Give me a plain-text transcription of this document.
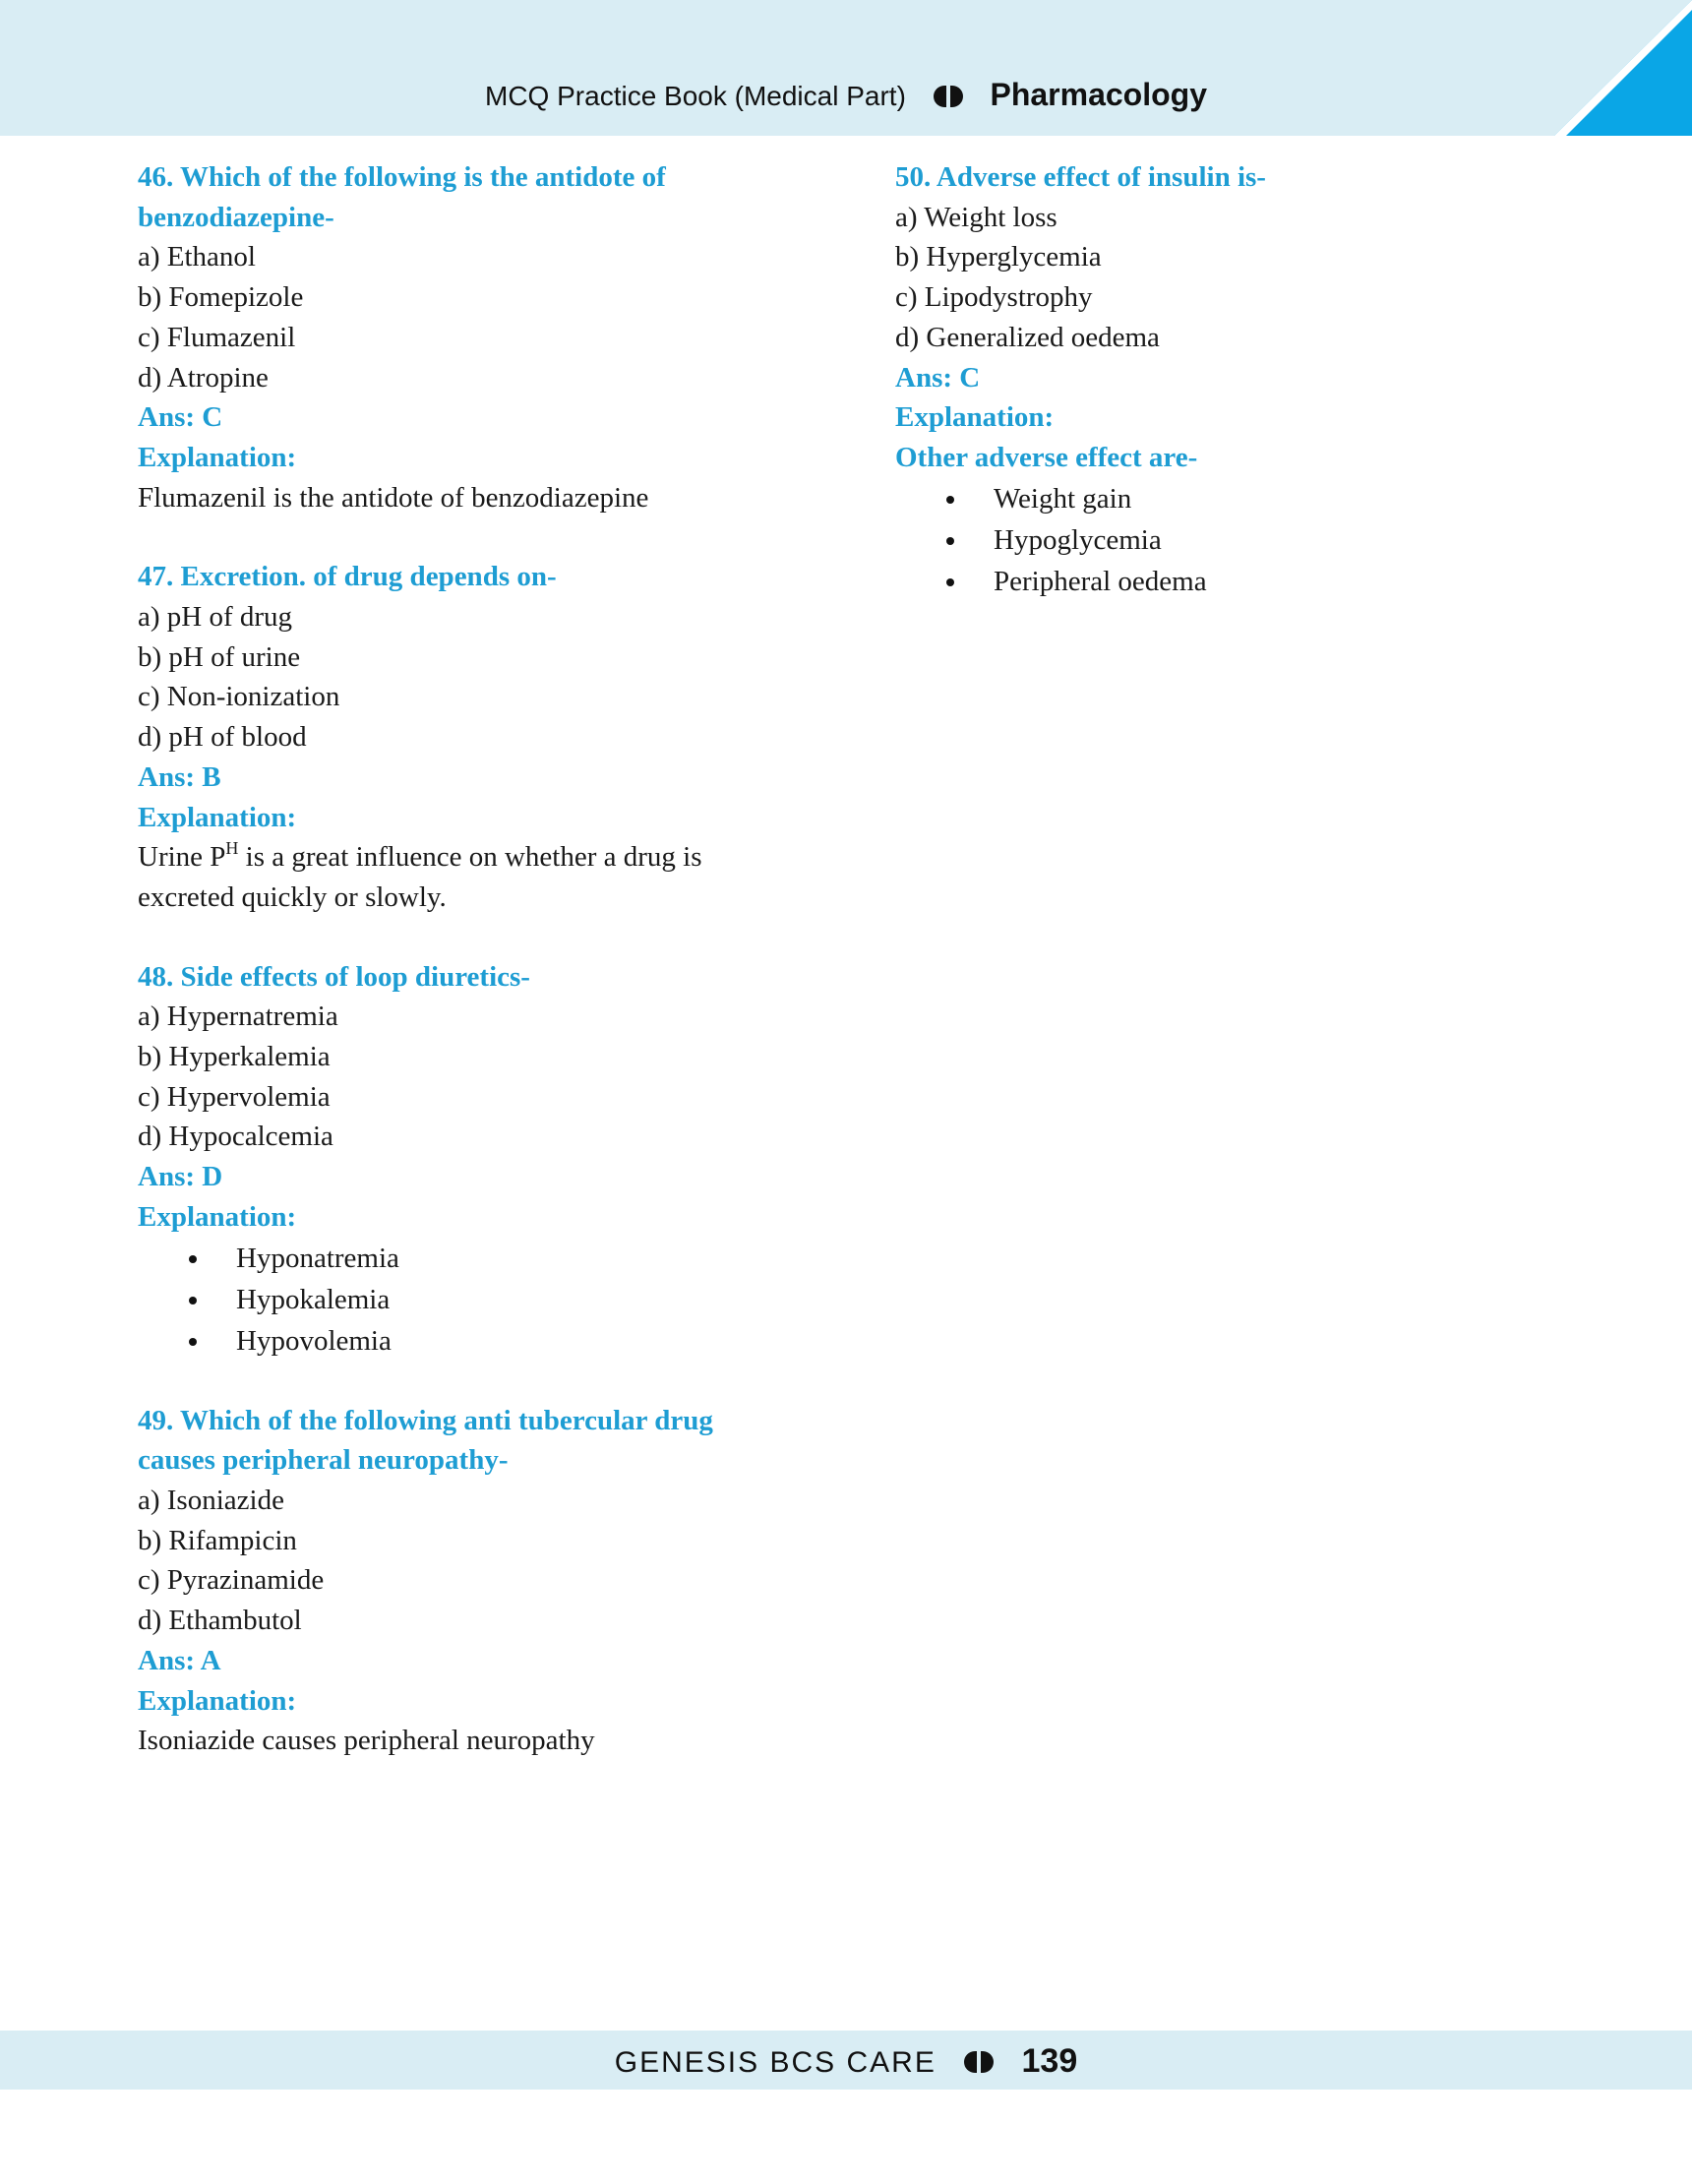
MCQ Practice Book (Medical Part)	Pharmacology
46. Which of the following is the antidote of
benzodiazepine-
a) Ethanol
b) Fomepizole
c) Flumazenil
d) Atropine
Ans: C
Explanation:
Flumazenil is the antidote of benzodiazepine
47. Excretion. of drug depends on-
a) pH of drug
b) pH of urine
c) Non-ionization
d) pH of blood
Ans: B
Explanation:
Urine $P^H$ is a great influence on whether a drug is
excreted quickly or slowly.
48. Side effects of loop diuretics-
a) Hypernatremia
b) Hyperkalemia
c) Hypervolemia
d) Hypocalcemia
Ans: D
Explanation:
Hyponatremia
Hypokalemia
Hypovolemia
49. Which of the following anti tubercular drug
causes peripheral neuropathy-
a) Isoniazide
b) Rifampicin
c) Pyrazinamide
d) Ethambutol
Ans: A
Explanation:
Isoniazide causes peripheral neuropathy
50. Adverse effect of insulin is-
a) Weight loss
b) Hyperglycemia
c) Lipodystrophy
d) Generalized oedema
Ans: C
Explanation:
Other adverse effect are-
Weight gain
Hypoglycemia
Peripheral oedema
GENESIS BCS CARE	139
